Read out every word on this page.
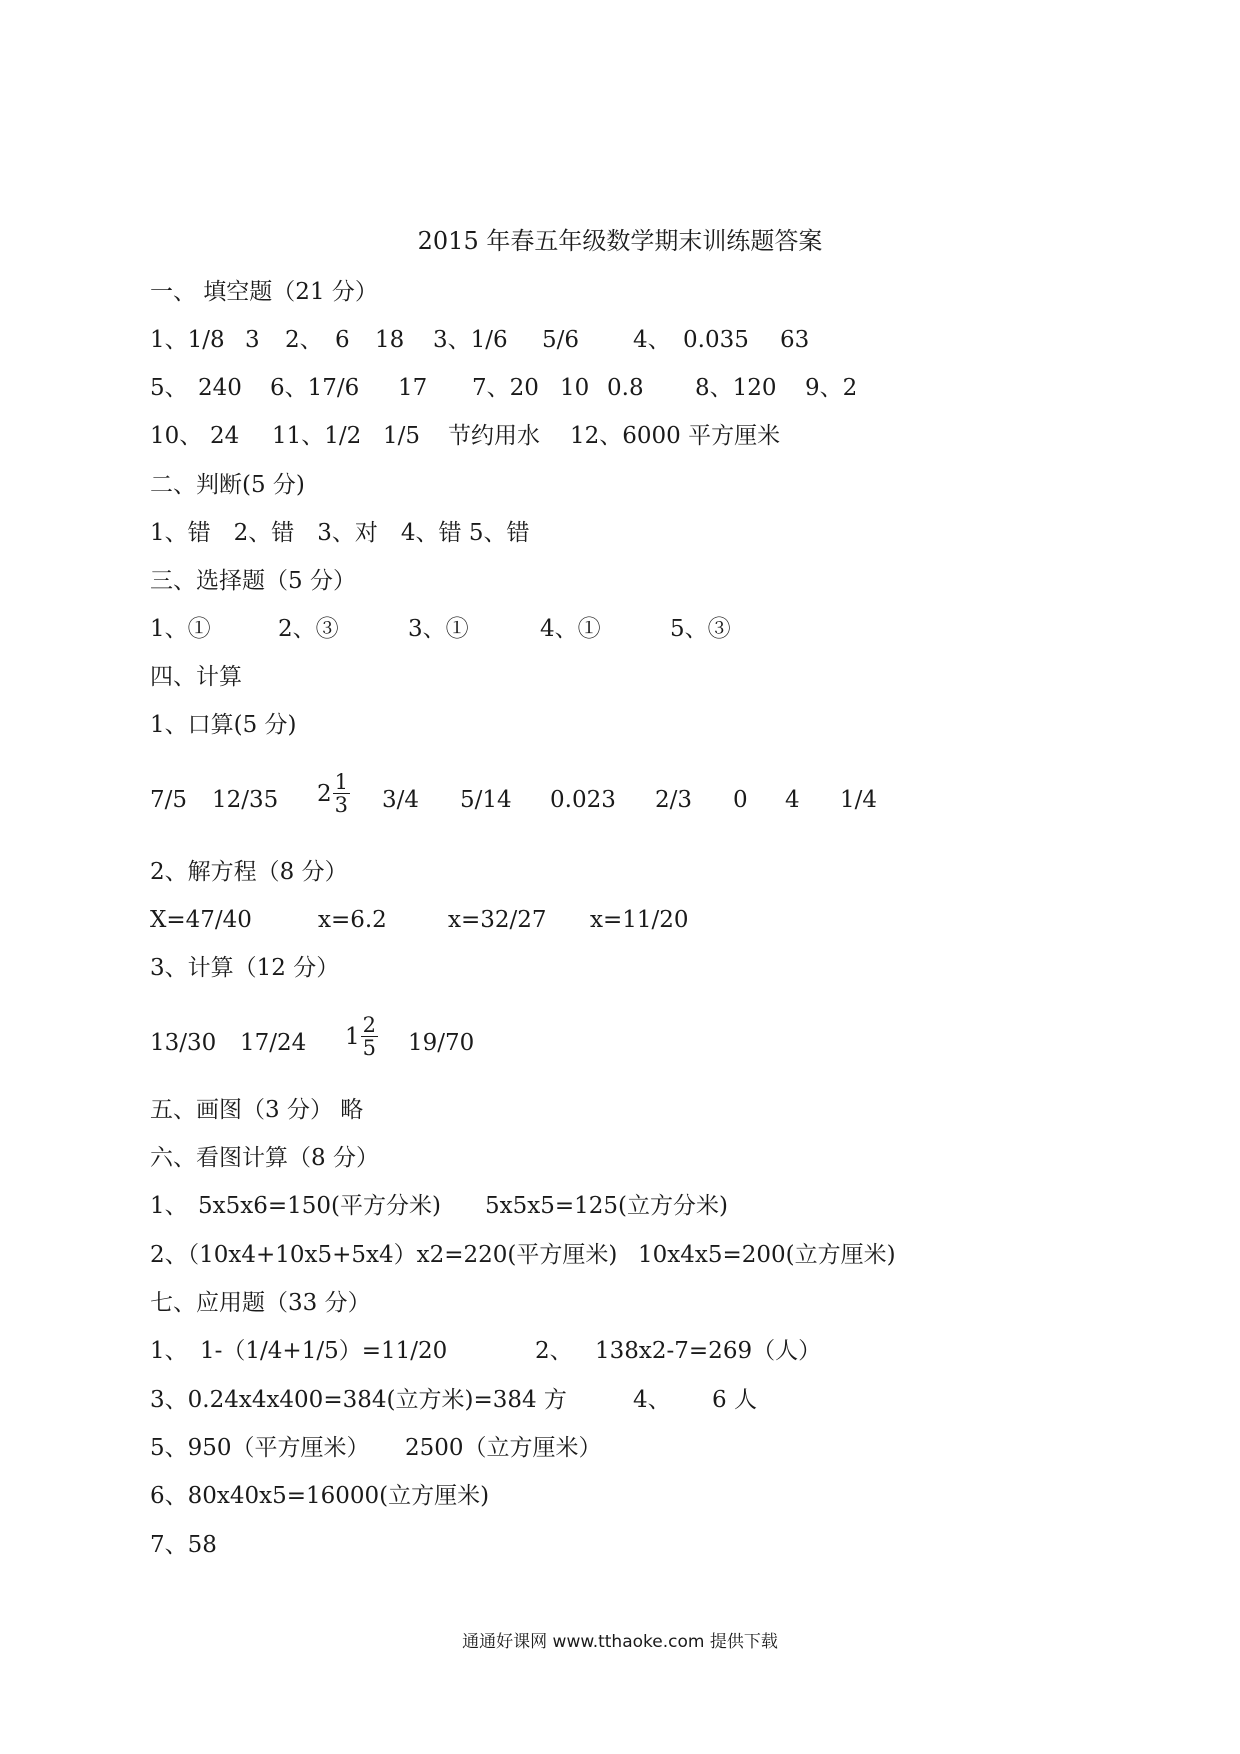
2015 年春五年级数学期末训练题答案
一、 填空题（21 分）
1、1/8 3 2、 6 18 3、1/6 5/6 4、 0.035 63
5、 240 6、17/6 17 7、20 10 0.8 8、120 9、2
10、 24 11、1/2 1/5 节约用水 12、6000 平方厘米
二、判断(5 分)
1、错　2、错　3、对　4、错 5、错
三、选择题（5 分）
1、①	2、③	3、①	4、①	5、③
四、计算
1、口算(5 分)
7/5 12/35 $2 \frac{1}{3} 3/4$ 5/14 0.023 2/3 0 4 1/4
2、解方程（8 分）
X=47/40	x=6.2	x=32/27 x=11/20
3、计算（12 分）
13/30 17/24 $1 \frac{2}{5} 19/70$
五、画图（3 分） 略
六、看图计算（8 分）
1、 5x5x6=150(平方分米) 5x5x5=125(立方分米)
2、（10x4+10x5+5x4）x2=220(平方厘米) 10x4x5=200(立方厘米)
七、应用题（33 分）
1、 1-（1/4+1/5）=11/20	2、 138x2-7=269（人）
3、0.24x4x400=384(立方米)=384 方	4、 6 人
5、950（平方厘米） 2500（立方厘米）
6、80x40x5=16000(立方厘米)
7、58
通通好课网 www.tthaoke.com 提供下载
